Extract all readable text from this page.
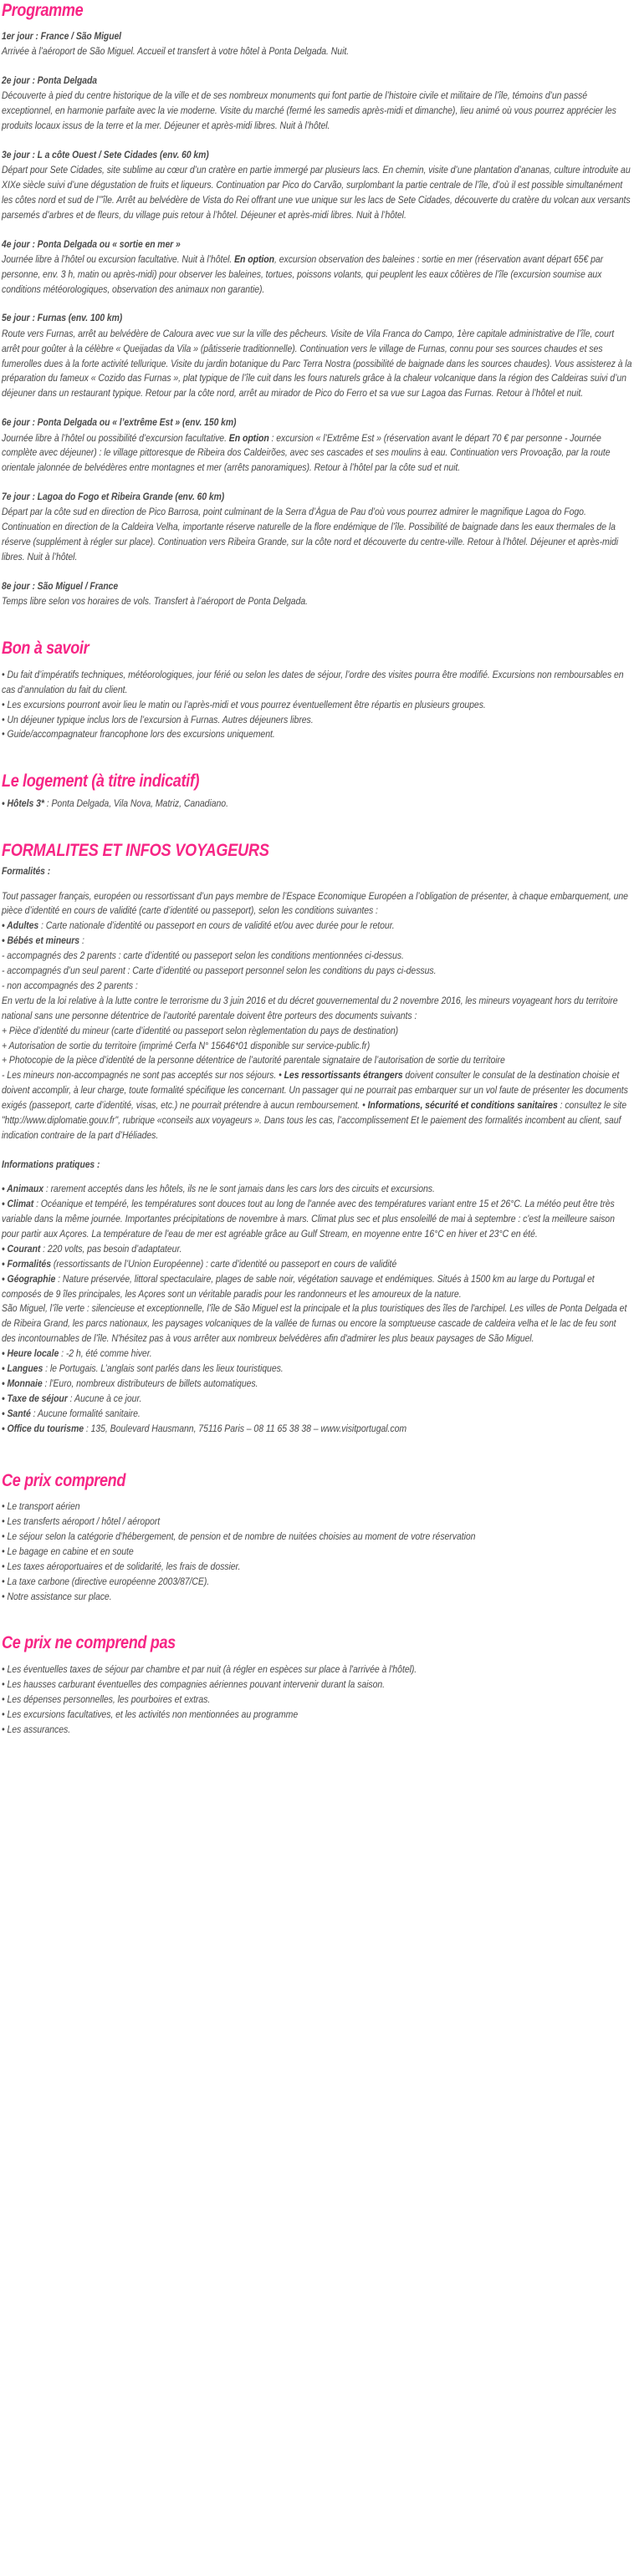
Programme
1er jour : France / São Miguel

Arrivée à l’aéroport de São Miguel. Accueil et transfert à votre hôtel à Ponta Delgada. Nuit.

2e jour : Ponta Delgada

Découverte à pied du centre historique de la ville et de ses nombreux monuments qui font partie de l’histoire civile et militaire de l’île, témoins d’un passé exceptionnel, en harmonie parfaite avec la vie moderne. Visite du marché (fermé les samedis après-midi et dimanche), lieu animé où vous pourrez apprécier les produits locaux issus de la terre et la mer. Déjeuner et après-midi libres. Nuit à l’hôtel.

3e jour : L a côte Ouest / Sete Cidades (env. 60 km)

Départ pour Sete Cidades, site sublime au cœur d’un cratère en partie immergé par plusieurs lacs. En chemin, visite d’une plantation d’ananas, culture introduite au XIXe siècle suivi d’une dégustation de fruits et liqueurs. Continuation par Pico do Carvão, surplombant la partie centrale de l’île, d’où il est possible simultanément les côtes nord et sud de l’”île. Arrêt au belvédère de Vista do Rei offrant une vue unique sur les lacs de Sete Cidades, découverte du cratère du volcan aux versants parsemés d’arbres et de fleurs, du village puis retour à l’hôtel. Déjeuner et après-midi libres. Nuit à l’hôtel.

4e jour : Ponta Delgada ou « sortie en mer »

Journée libre à l’hôtel ou excursion facultative. Nuit à l’hôtel. En option, excursion observation des baleines : sortie en mer (réservation avant départ 65€ par personne, env. 3 h, matin ou après-midi) pour observer les baleines, tortues, poissons volants, qui peuplent les eaux côtières de l’île (excursion soumise aux conditions météorologiques, observation des animaux non garantie).

5e jour : Furnas (env. 100 km)

Route vers Furnas, arrêt au belvédère de Caloura avec vue sur la ville des pêcheurs. Visite de Vila Franca do Campo, 1ère capitale administrative de l’île, court arrêt pour goûter à la célèbre « Queijadas da Vila » (pâtisserie traditionnelle). Continuation vers le village de Furnas, connu pour ses sources chaudes et ses fumerolles dues à la forte activité tellurique. Visite du jardin botanique du Parc Terra Nostra (possibilité de baignade dans les sources chaudes). Vous assisterez à la préparation du fameux « Cozido das Furnas », plat typique de l’île cuit dans les fours naturels grâce à la chaleur volcanique dans la région des Caldeiras suivi d’un déjeuner dans un restaurant typique. Retour par la côte nord, arrêt au mirador de Pico do Ferro et sa vue sur Lagoa das Furnas. Retour à l’hôtel et nuit.

6e jour : Ponta Delgada ou « l’extrême Est » (env. 150 km)

Journée libre à l’hôtel ou possibilité d’excursion facultative. En option : excursion « l’Extrême Est » (réservation avant le départ 70 € par personne - Journée complète avec déjeuner) : le village pittoresque de Ribeira dos Caldeirões, avec ses cascades et ses moulins à eau. Continuation vers Provoação, par la route orientale jalonnée de belvédères entre montagnes et mer (arrêts panoramiques). Retour à l’hôtel par la côte sud et nuit.

7e jour : Lagoa do Fogo et Ribeira Grande (env. 60 km)

Départ par la côte sud en direction de Pico Barrosa, point culminant de la Serra d’Água de Pau d’où vous pourrez admirer le magnifique Lagoa do Fogo. Continuation en direction de la Caldeira Velha, importante réserve naturelle de la flore endémique de l’île. Possibilité de baignade dans les eaux thermales de la réserve (supplément à régler sur place). Continuation vers Ribeira Grande, sur la côte nord et découverte du centre-ville. Retour à l’hôtel. Déjeuner et après-midi libres. Nuit à l’hôtel.

8e jour : São Miguel / France

Temps libre selon vos horaires de vols. Transfert à l’aéroport de Ponta Delgada.

Bon à savoir
• Du fait d’impératifs techniques, météorologiques, jour férié ou selon les dates de séjour, l’ordre des visites pourra être modifié. Excursions non remboursables en cas d’annulation du fait du client.
• Les excursions pourront avoir lieu le matin ou l’après-midi et vous pourrez éventuellement être répartis en plusieurs groupes.
• Un déjeuner typique inclus lors de l’excursion à Furnas. Autres déjeuners libres.
• Guide/accompagnateur francophone lors des excursions uniquement.
Le logement (à titre indicatif)
• Hôtels 3* : Ponta Delgada, Vila Nova, Matriz, Canadiano.
FORMALITES ET INFOS VOYAGEURS
Formalités :

Tout passager français, européen ou ressortissant d’un pays membre de l’Espace Economique Européen a l’obligation de présenter, à chaque embarquement, une pièce d’identité en cours de validité (carte d’identité ou passeport), selon les conditions suivantes :

• Adultes : Carte nationale d’identité ou passeport en cours de validité et/ou avec durée pour le retour.
• Bébés et mineurs :
- accompagnés des 2 parents : carte d’identité ou passeport selon les conditions mentionnées ci-dessus.
- accompagnés d’un seul parent : Carte d’identité ou passeport personnel selon les conditions du pays ci-dessus.
- non accompagnés des 2 parents :

En vertu de la loi relative à la lutte contre le terrorisme du 3 juin 2016 et du décret gouvernemental du 2 novembre 2016, les mineurs voyageant hors du territoire national sans une personne détentrice de l’autorité parentale doivent être porteurs des documents suivants :

+ Pièce d’identité du mineur (carte d’identité ou passeport selon règlementation du pays de destination)
+ Autorisation de sortie du territoire (imprimé Cerfa N° 15646*01 disponible sur service-public.fr)
+ Photocopie de la pièce d’identité de la personne détentrice de l’autorité parentale signataire de l’autorisation de sortie du territoire

- Les mineurs non-accompagnés ne sont pas acceptés sur nos séjours. • Les ressortissants étrangers doivent consulter le consulat de la destination choisie et doivent accomplir, à leur charge, toute formalité spécifique les concernant. Un passager qui ne pourrait pas embarquer sur un vol faute de présenter les documents exigés (passeport, carte d’identité, visas, etc.) ne pourrait prétendre à aucun remboursement. • Informations, sécurité et conditions sanitaires : consultez le site "http://www.diplomatie.gouv.fr", rubrique «conseils aux voyageurs ». Dans tous les cas, l’accomplissement Et le paiement des formalités incombent au client, sauf indication contraire de la part d’Héliades.

Informations pratiques :
• Animaux : rarement acceptés dans les hôtels, ils ne le sont jamais dans les cars lors des circuits et excursions.
• Climat : Océanique et tempéré, les températures sont douces tout au long de l'année avec des températures variant entre 15 et 26°C. La météo peut être très variable dans la même journée. Importantes précipitations de novembre à mars. Climat plus sec et plus ensoleillé de mai à septembre : c'est la meilleure saison pour partir aux Açores. La température de l'eau de mer est agréable grâce au Gulf Stream, en moyenne entre 16°C en hiver et 23°C en été.
• Courant : 220 volts, pas besoin d’adaptateur.
• Formalités (ressortissants de l’Union Européenne) : carte d’identité ou passeport en cours de validité
• Géographie : Nature préservée, littoral spectaculaire, plages de sable noir, végétation sauvage et endémiques. Situés à 1500 km au large du Portugal et composés de 9 îles principales, les Açores sont un véritable paradis pour les randonneurs et les amoureux de la nature.
São Miguel, l’île verte : silencieuse et exceptionnelle, l’île de São Miguel est la principale et la plus touristiques des îles de l'archipel. Les villes de Ponta Delgada et de Ribeira Grand, les parcs nationaux, les paysages volcaniques de la vallée de furnas ou encore la somptueuse cascade de caldeira velha et le lac de feu sont des incontournables de l’île. N'hésitez pas à vous arrêter aux nombreux belvédères afin d'admirer les plus beaux paysages de São Miguel.
• Heure locale : -2 h, été comme hiver.
• Langues : le Portugais. L’anglais sont parlés dans les lieux touristiques.
• Monnaie : l'Euro, nombreux distributeurs de billets automatiques.
• Taxe de séjour : Aucune à ce jour.
• Santé : Aucune formalité sanitaire.
• Office du tourisme : 135, Boulevard Hausmann, 75116 Paris – 08 11 65 38 38 – www.visitportugal.com
Ce prix comprend
• Le transport aérien
• Les transferts aéroport / hôtel / aéroport
• Le séjour selon la catégorie d’hébergement, de pension et de nombre de nuitées choisies au moment de votre réservation
• Le bagage en cabine et en soute
• Les taxes aéroportuaires et de solidarité, les frais de dossier.
• La taxe carbone (directive européenne 2003/87/CE).
• Notre assistance sur place.
Ce prix ne comprend pas
• Les éventuelles taxes de séjour par chambre et par nuit (à régler en espèces sur place à l'arrivée à l'hôtel).
• Les hausses carburant éventuelles des compagnies aériennes pouvant intervenir durant la saison.
• Les dépenses personnelles, les pourboires et extras.
• Les excursions facultatives, et les activités non mentionnées au programme
• Les assurances.
